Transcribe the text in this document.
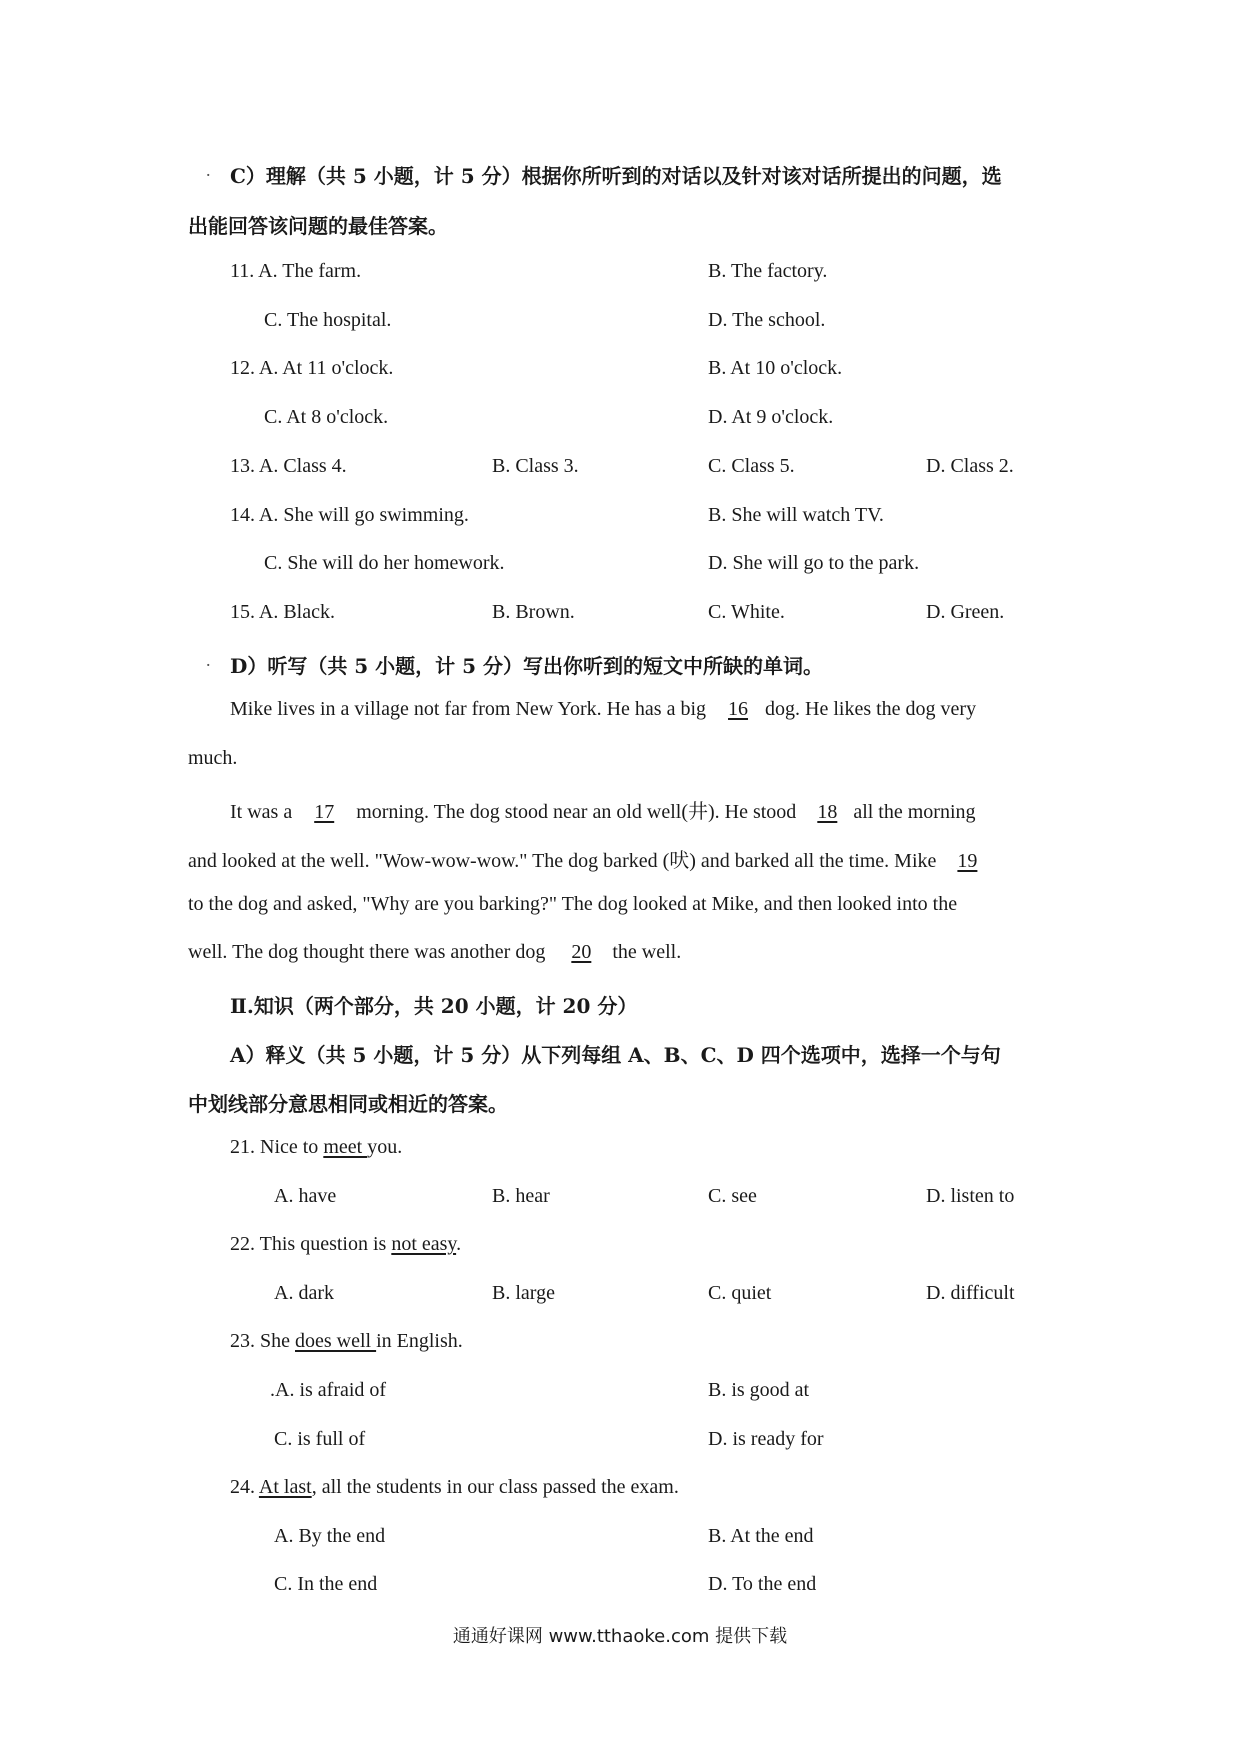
. C）理解（共 5 小题，计 5 分）根据你所听到的对话以及针对该对话所提出的问题，选
出能回答该问题的最佳答案。
11. A. The farm.	B. The factory.
C. The hospital.	D. The school.
12. A. At 11 o'clock.	B. At 10 o'clock.
C. At 8 o'clock.	D. At 9 o'clock.
13. A. Class 4.	B. Class 3.	C. Class 5.	D. Class 2.
14. A. She will go swimming.	B. She will watch TV.
C. She will do her homework.	D. She will go to the park.
15. A. Black.	B. Brown.	C. White.	D. Green.
. D）听写（共 5 小题，计 5 分）写出你听到的短文中所缺的单词。
Mike lives in a village not far from New York. He has a big 16 dog. He likes the dog very
much.
It was a 17 morning. The dog stood near an old well(井). He stood 18 all the morning
and looked at the well. "Wow-wow-wow." The dog barked (吠) and barked all the time. Mike 19
to the dog and asked, "Why are you barking?" The dog looked at Mike, and then looked into the
well. The dog thought there was another dog 20 the well.
Ⅱ.知识（两个部分，共 20 小题，计 20 分）
A）释义（共 5 小题，计 5 分）从下列每组 A、B、C、D 四个选项中，选择一个与句
中划线部分意思相同或相近的答案。
21. Nice to meet you.
A. have	B. hear	C. see	D. listen to
22. This question is not easy.
A. dark	B. large	C. quiet	D. difficult
23. She does well in English.
.A. is afraid of	B. is good at
C. is full of	D. is ready for
24. At last, all the students in our class passed the exam.
A. By the end	B. At the end
C. In the end	D. To the end
通通好课网 www.tthaoke.com 提供下载
